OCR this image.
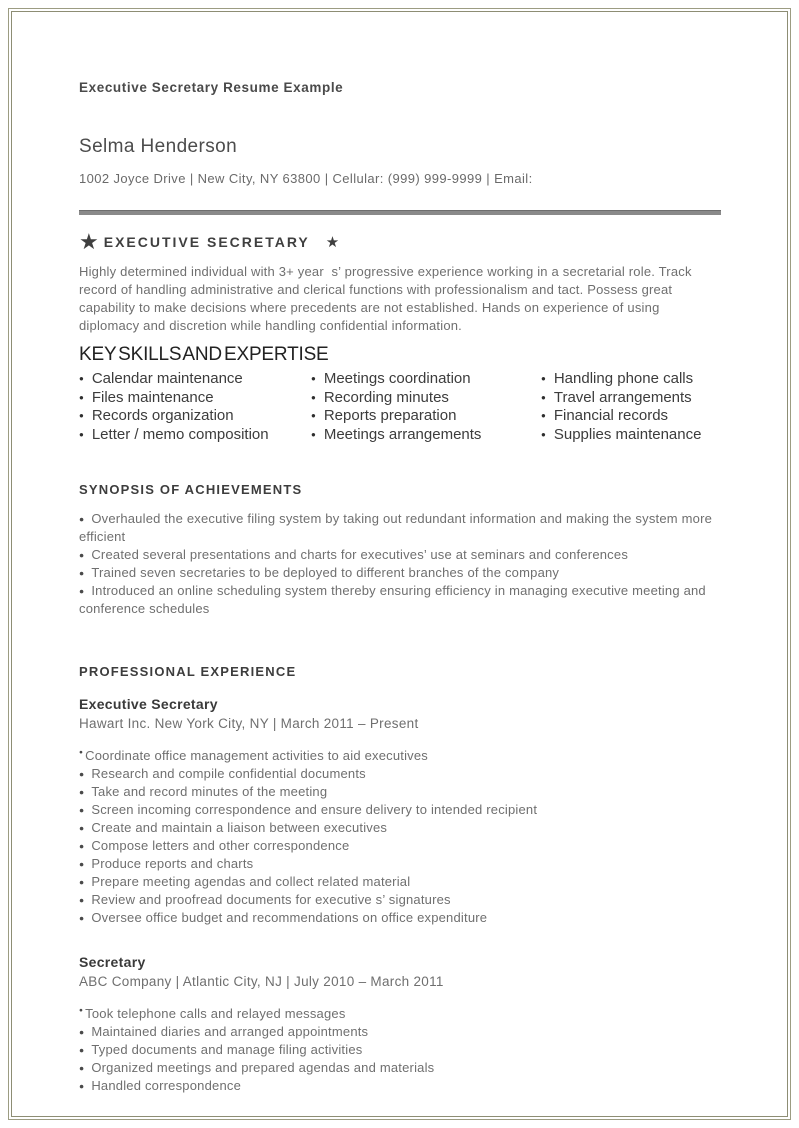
Executive Secretary Resume Example
Selma Henderson
1002 Joyce Drive | New City, NY 63800 | Cellular: (999) 999-9999 | Email:
★ EXECUTIVE SECRETARY ★

Highly determined individual with 3+ year  s’ progressive experience working in a secretarial role. Track record of handling administrative and clerical functions with professionalism and tact. Possess great capability to make decisions where precedents are not established. Hands on experience of using diplomacy and discretion while handling confidential information.

KEY SKILLS AND EXPERTISE
● Calendar maintenance	● Meetings coordination	● Handling phone calls
● Files maintenance	● Recording minutes	● Travel arrangements
● Records organization	● Reports preparation	● Financial records
● Letter / memo composition	● Meetings arrangements	● Supplies maintenance
SYNOPSIS OF ACHIEVEMENTS
● Overhauled the executive filing system by taking out redundant information and making the system more efficient
● Created several presentations and charts for executives’ use at seminars and conferences
● Trained seven secretaries to be deployed to different branches of the company
● Introduced an online scheduling system thereby ensuring efficiency in managing executive meeting and conference schedules
PROFESSIONAL EXPERIENCE
Executive Secretary
Hawart Inc. New York City, NY | March 2011 – Present
● Coordinate office management activities to aid executives
● Research and compile confidential documents
● Take and record minutes of the meeting
● Screen incoming correspondence and ensure delivery to intended recipient
● Create and maintain a liaison between executives
● Compose letters and other correspondence
● Produce reports and charts
● Prepare meeting agendas and collect related material
● Review and proofread documents for executive s’ signatures
● Oversee office budget and recommendations on office expenditure
Secretary
ABC Company | Atlantic City, NJ | July 2010 – March 2011
● Took telephone calls and relayed messages
● Maintained diaries and arranged appointments
● Typed documents and manage filing activities
● Organized meetings and prepared agendas and materials
● Handled correspondence
